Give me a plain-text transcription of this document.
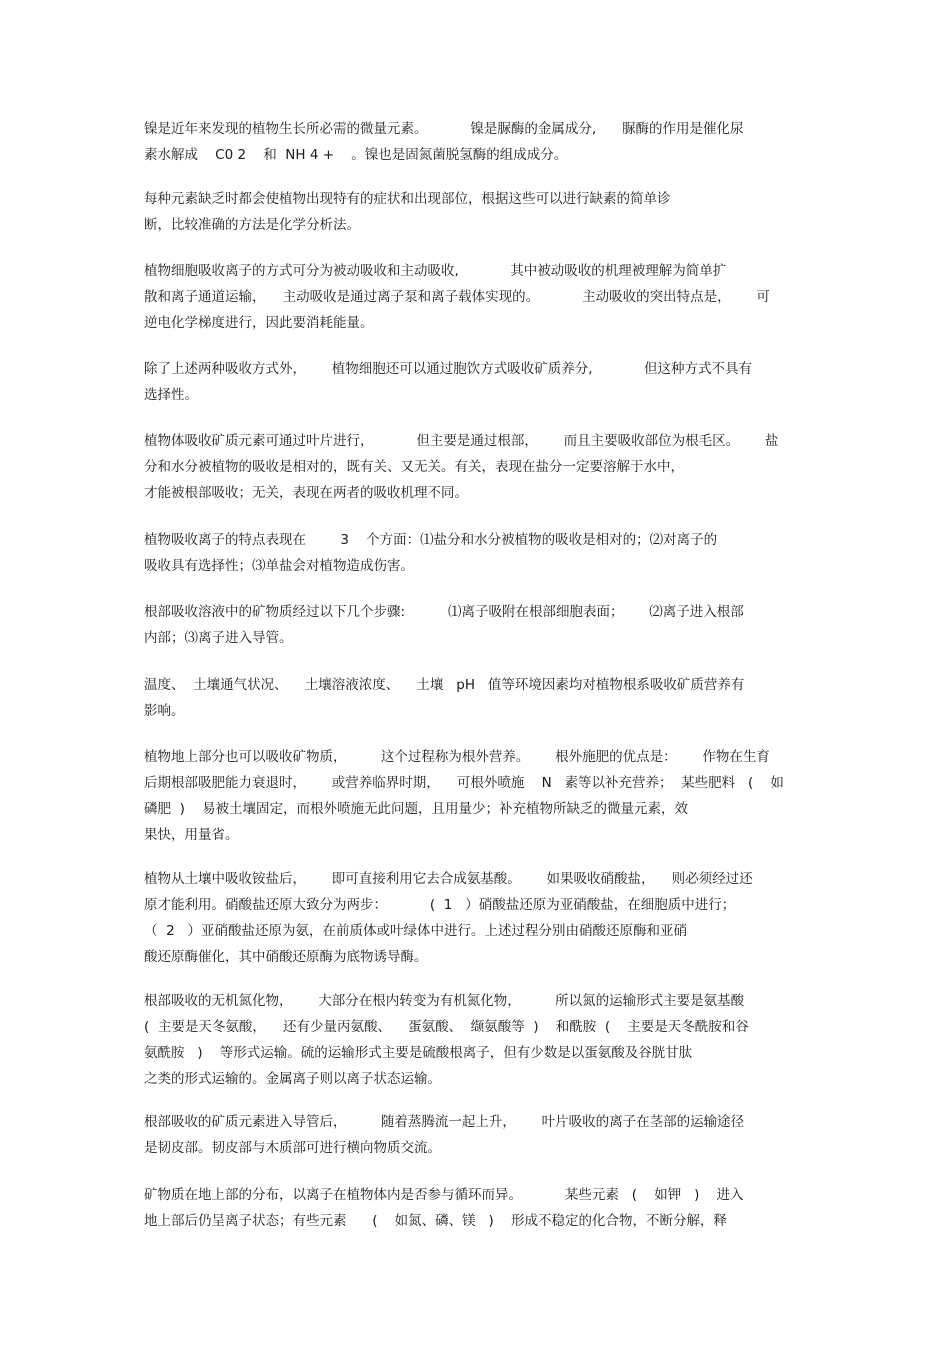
镍是近年来发现的植物生长所必需的微量元素。          镍是脲酶的金属成分,      脲酶的作用是催化尿
素水解成    C0 2    和  NH 4 +    。镍也是固氮菌脱氢酶的组成成分。
每种元素缺乏时都会使植物出现特有的症状和出现部位，根据这些可以进行缺素的简单诊
断，比较准确的方法是化学分析法。
植物细胞吸收离子的方式可分为被动吸收和主动吸收,            其中被动吸收的机理被理解为简单扩
散和离子通道运输，    主动吸收是通过离子泵和离子载体实现的。          主动吸收的突出特点是，      可
逆电化学梯度进行，因此要消耗能量。
除了上述两种吸收方式外，      植物细胞还可以通过胞饮方式吸收矿质养分,            但这种方式不具有
选择性。
植物体吸收矿质元素可通过叶片进行，          但主要是通过根部，      而且主要吸收部位为根毛区。      盐
分和水分被植物的吸收是相对的，既有关、又无关。有关，表现在盐分一定要溶解于水中，
才能被根部吸收；无关，表现在两者的吸收机理不同。
植物吸收离子的特点表现在        3    个方面：⑴盐分和水分被植物的吸收是相对的；⑵对离子的
吸收具有选择性；⑶单盐会对植物造成伤害。
根部吸收溶液中的矿物质经过以下几个步骤:          ⑴离子吸附在根部细胞表面；      ⑵离子进入根部
内部；⑶离子进入导管。
温度、  土壤通气状况、    土壤溶液浓度、    土壤   pH   值等环境因素均对植物根系吸收矿质营养有
影响。
植物地上部分也可以吸收矿物质，        这个过程称为根外营养。      根外施肥的优点是：      作物在生育
后期根部吸肥能力衰退时，      或营养临界时期，    可根外喷施    N   素等以补充营养；  某些肥料   (    如
磷肥  )    易被土壤固定，而根外喷施无此问题，且用量少；补充植物所缺乏的微量元素，效
果快，用量省。
植物从土壤中吸收铵盐后，      即可直接利用它去合成氨基酸。      如果吸收硝酸盐，    则必须经过还
原才能利用。硝酸盐还原大致分为两步：          (  1   ）硝酸盐还原为亚硝酸盐，在细胞质中进行；
（  2   ）亚硝酸盐还原为氨，在前质体或叶绿体中进行。上述过程分别由硝酸还原酶和亚硝
酸还原酶催化，其中硝酸还原酶为底物诱导酶。
根部吸收的无机氮化物，      大部分在根内转变为有机氮化物，        所以氮的运输形式主要是氨基酸
(  主要是天冬氨酸，    还有少量丙氨酸、    蛋氨酸、  缬氨酸等  )    和酰胺  (    主要是天冬酰胺和谷
氨酰胺   )    等形式运输。硫的运输形式主要是硫酸根离子，但有少数是以蛋氨酸及谷胱甘肽
之类的形式运输的。金属离子则以离子状态运输。
根部吸收的矿质元素进入导管后，        随着蒸腾流一起上升，      叶片吸收的离子在茎部的运输途径
是韧皮部。韧皮部与木质部可进行横向物质交流。
矿物质在地上部的分布，以离子在植物体内是否参与循环而异。          某些元素   (    如钾   )    进入
地上部后仍呈离子状态；有些元素      (    如氮、磷、镁   )    形成不稳定的化合物，不断分解，释
